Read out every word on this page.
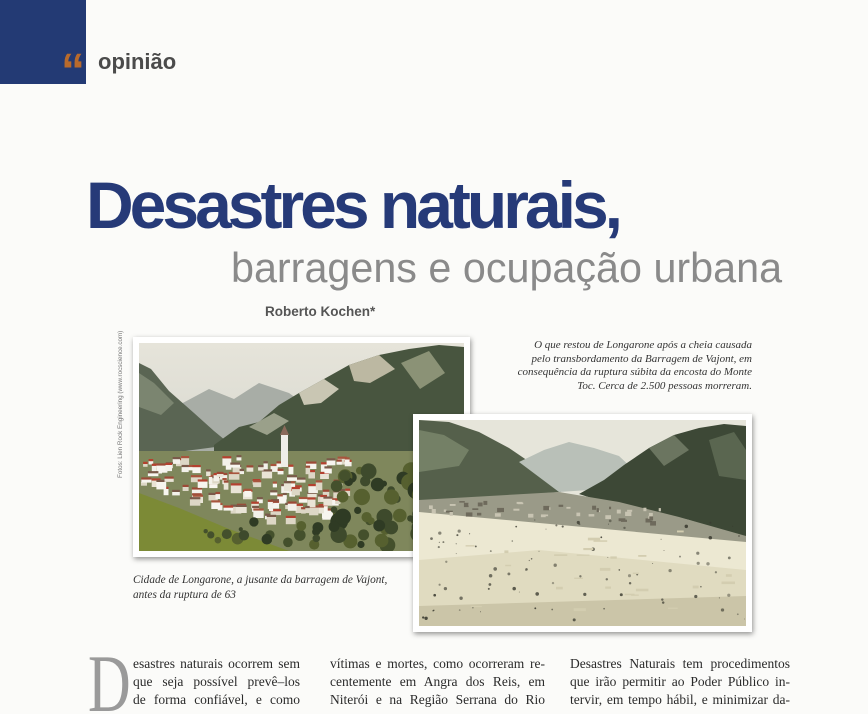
“ opinião
Desastres naturais,
barragens e ocupação urbana
Roberto Kochen*
Fotos: Lien Rock Engineering (www.rocscience.com)	O que restou de Longarone após a cheia causada
pelo transbordamento da Barragem de Vajont, em
consequência da ruptura súbita da encosta do Monte
Toc. Cerca de 2.500 pessoas morreram.
Cidade de Longarone, a jusante da barragem de Vajont,
antes da ruptura de 63
D esastres naturais ocorrem sem
que seja possível prevê–los
de forma confiável, e como
vítimas e mortes, como ocorreram re-
centemente em Angra dos Reis, em
Niterói e na Região Serrana do Rio
Desastres Naturais tem procedimentos
que irão permitir ao Poder Público in-
tervir, em tempo hábil, e minimizar da-
